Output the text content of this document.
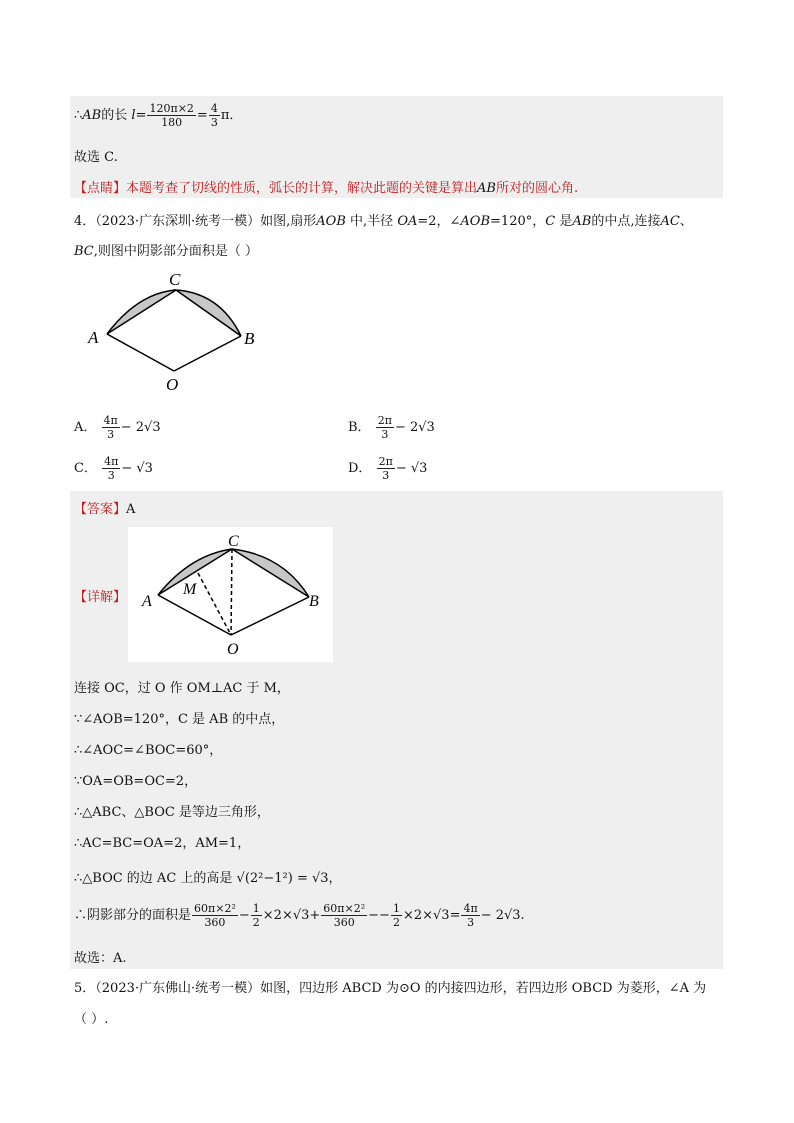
∴AB的长 $l= \frac{120\pi\times 2}{180} = \frac{4}{3}$ π．
故选 C.
【点睛】本题考查了切线的性质，弧长的计算，解决此题的关键是算出AB所对的圆心角.
4．（2023·广东深圳·统考一模）如图,扇形AOB 中,半径 OA=2，∠AOB=120°，C 是AB的中点,连接AC、
BC,则图中阴影部分面积是（ ）
A	B
C
O
A． $\frac{4\pi}{3} - 2√3$	B． $\frac{2\pi}{3} - 2√3$
C． $\frac{4\pi}{3} - √3$	D． $\frac{2\pi}{3} - √3$
【答案】A
【详解】 A	B
C
O
M
连接 OC，过 O 作 OM⊥AC 于 M，
∵∠AOB=120°，C 是 AB 的中点，
∴∠AOC=∠BOC=60°，
∵OA=OB=OC=2，
∴△ABC、△BOC 是等边三角形，
∴AC=BC=OA=2，AM=1，
∴△BOC 的边 AC 上的高是 √(2²−1²) = √3，
∴阴影部分的面积是 $\frac{\text{60π×2²}}{360} - \frac{1}{2} \times 2\times√3+ \frac{\text{60π×2²}}{360} -- \frac{1}{2} \times 2\times√3= \frac{4\pi}{3} - 2√3$.
故选：A.
5．（2023·广东佛山·统考一模）如图，四边形 ABCD 为⊙O 的内接四边形，若四边形 OBCD 为菱形，∠A 为
（ ）.
